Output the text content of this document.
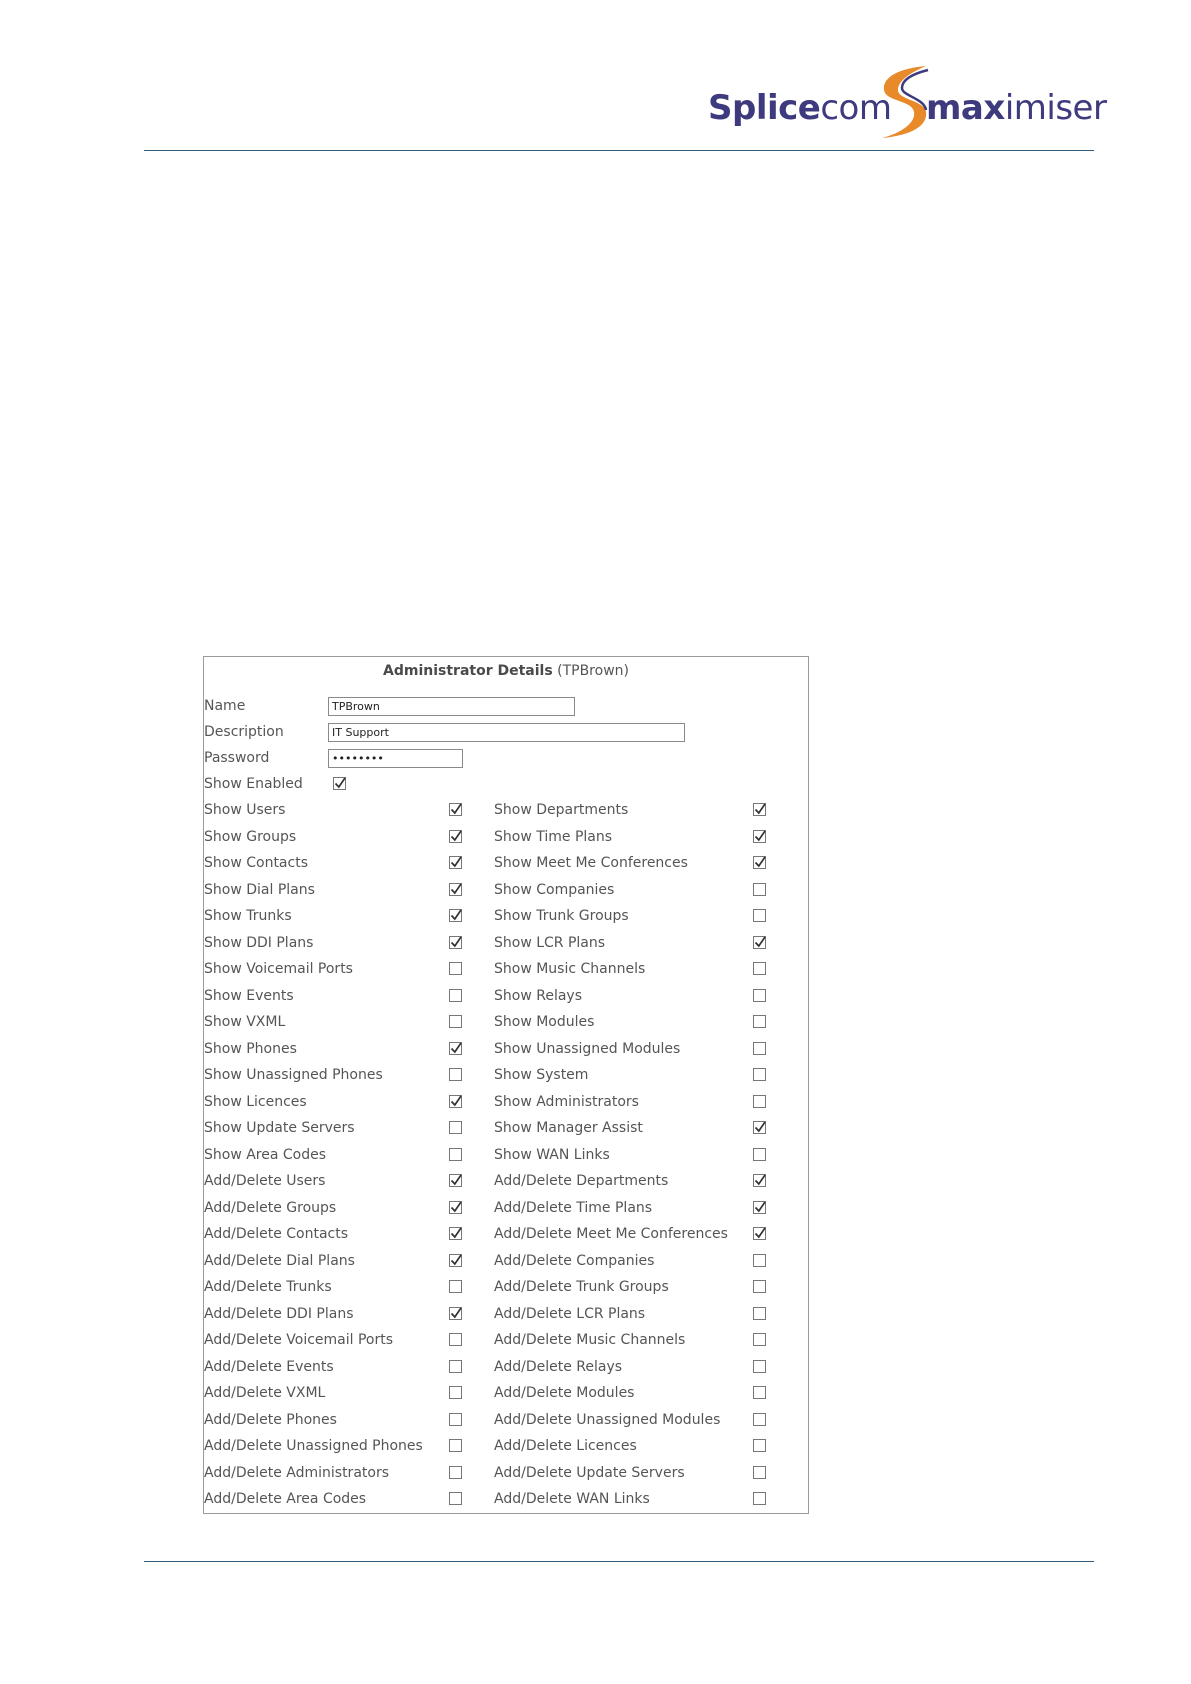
Splicecom maximiser
Administrator Details (TPBrown)
Name	TPBrown
Description	IT Support
Password	••••••••
Show Enabled
Show Users	Show Departments
Show Groups	Show Time Plans
Show Contacts	Show Meet Me Conferences
Show Dial Plans	Show Companies
Show Trunks	Show Trunk Groups
Show DDI Plans	Show LCR Plans
Show Voicemail Ports	Show Music Channels
Show Events	Show Relays
Show VXML	Show Modules
Show Phones	Show Unassigned Modules
Show Unassigned Phones	Show System
Show Licences	Show Administrators
Show Update Servers	Show Manager Assist
Show Area Codes	Show WAN Links
Add/Delete Users	Add/Delete Departments
Add/Delete Groups	Add/Delete Time Plans
Add/Delete Contacts	Add/Delete Meet Me Conferences
Add/Delete Dial Plans	Add/Delete Companies
Add/Delete Trunks	Add/Delete Trunk Groups
Add/Delete DDI Plans	Add/Delete LCR Plans
Add/Delete Voicemail Ports	Add/Delete Music Channels
Add/Delete Events	Add/Delete Relays
Add/Delete VXML	Add/Delete Modules
Add/Delete Phones	Add/Delete Unassigned Modules
Add/Delete Unassigned Phones	Add/Delete Licences
Add/Delete Administrators	Add/Delete Update Servers
Add/Delete Area Codes	Add/Delete WAN Links
